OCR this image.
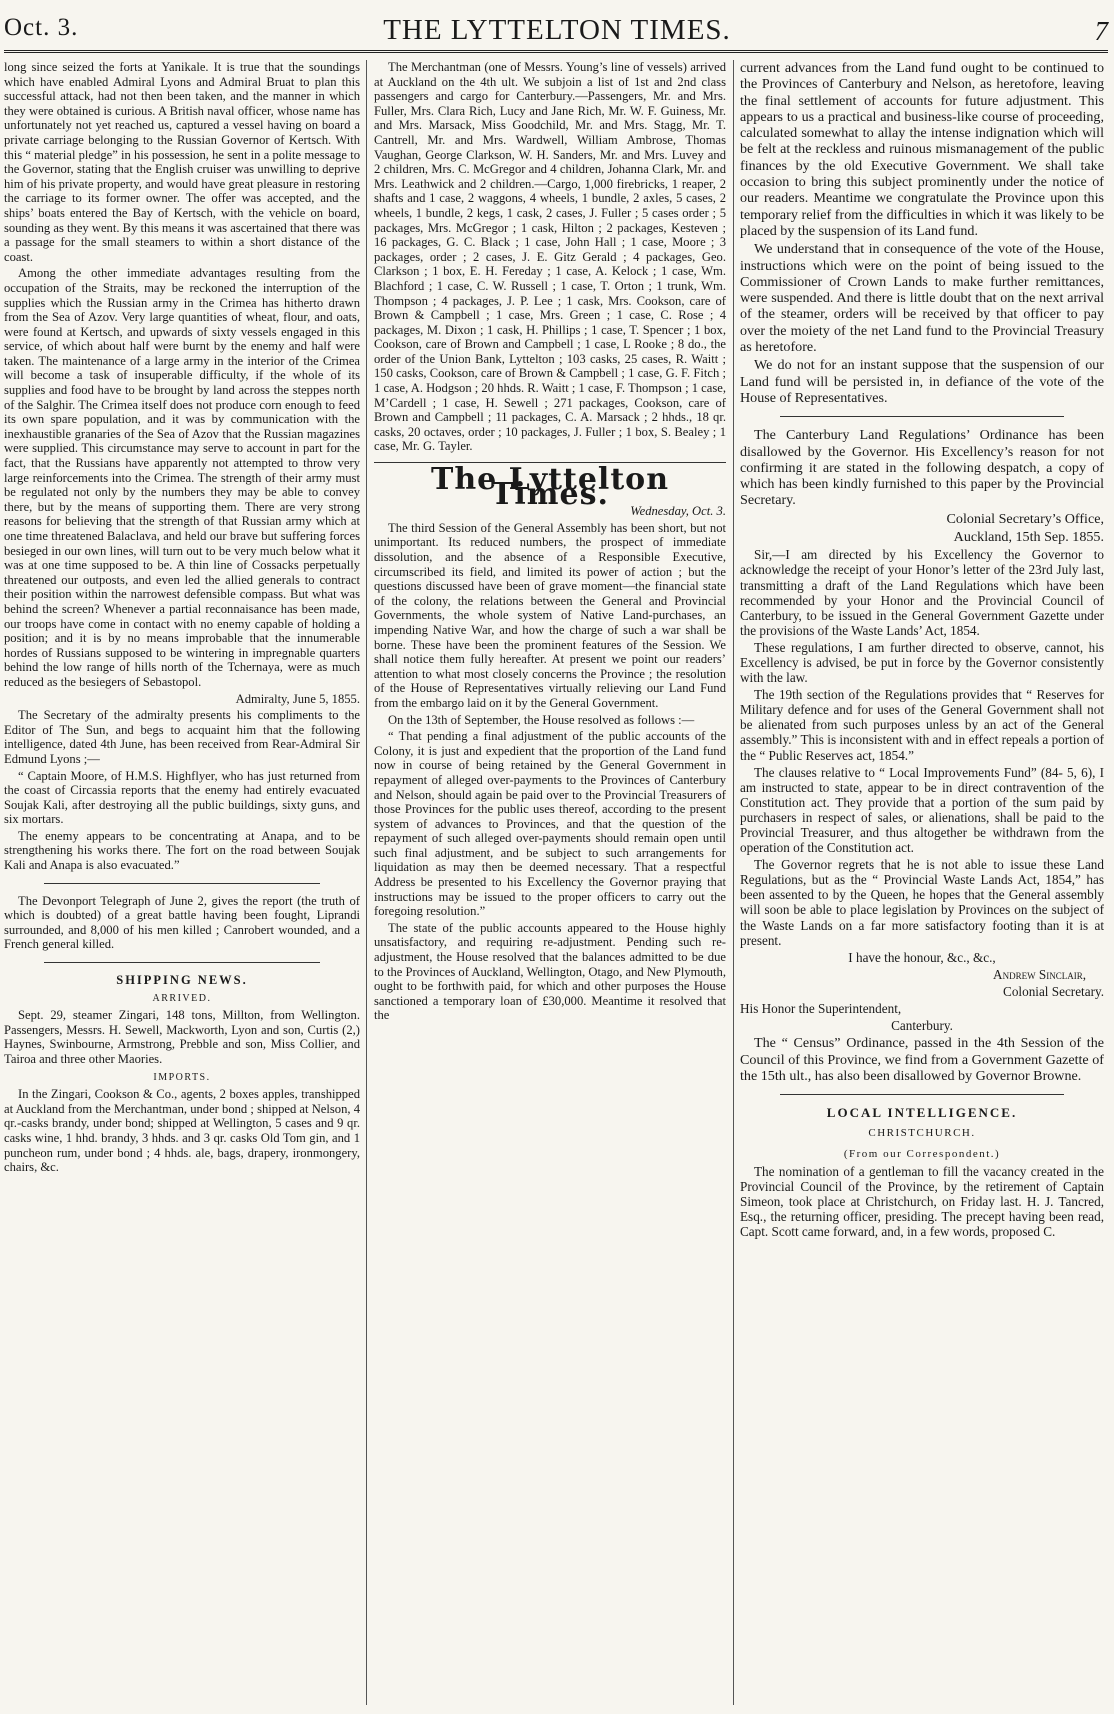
Oct. 3.	THE LYTTELTON TIMES.	7

long since seized the forts at Yanikale. It is true that the soundings which have enabled Admiral Lyons and Admiral Bruat to plan this successful attack, had not then been taken, and the manner in which they were obtained is curious. A British naval officer, whose name has unfortunately not yet reached us, captured a vessel having on board a private carriage belonging to the Russian Governor of Kertsch. With this “ material pledge” in his possession, he sent in a polite message to the Governor, stating that the English cruiser was unwilling to deprive him of his private property, and would have great pleasure in restoring the carriage to its former owner. The offer was accepted, and the ships’ boats entered the Bay of Kertsch, with the vehicle on board, sounding as they went. By this means it was ascertained that there was a passage for the small steamers to within a short distance of the coast.

Among the other immediate advantages resulting from the occupation of the Straits, may be reckoned the interruption of the supplies which the Russian army in the Crimea has hitherto drawn from the Sea of Azov. Very large quantities of wheat, flour, and oats, were found at Kertsch, and upwards of sixty vessels engaged in this service, of which about half were burnt by the enemy and half were taken. The maintenance of a large army in the interior of the Crimea will become a task of insuperable difficulty, if the whole of its supplies and food have to be brought by land across the steppes north of the Salghir. The Crimea itself does not produce corn enough to feed its own spare population, and it was by communication with the inexhaustible granaries of the Sea of Azov that the Russian magazines were supplied. This circumstance may serve to account in part for the fact, that the Russians have apparently not attempted to throw very large reinforcements into the Crimea. The strength of their army must be regulated not only by the numbers they may be able to convey there, but by the means of supporting them. There are very strong reasons for believing that the strength of that Russian army which at one time threatened Balaclava, and held our brave but suffering forces besieged in our own lines, will turn out to be very much below what it was at one time supposed to be. A thin line of Cossacks perpetually threatened our outposts, and even led the allied generals to contract their position within the narrowest defensible compass. But what was behind the screen? Whenever a partial reconnaisance has been made, our troops have come in contact with no enemy capable of holding a position; and it is by no means improbable that the innumerable hordes of Russians supposed to be wintering in impregnable quarters behind the low range of hills north of the Tchernaya, were as much reduced as the besiegers of Sebastopol.

Admiralty, June 5, 1855.

The Secretary of the admiralty presents his compliments to the Editor of The Sun, and begs to acquaint him that the following intelligence, dated 4th June, has been received from Rear-Admiral Sir Edmund Lyons ;—

“ Captain Moore, of H.M.S. Highflyer, who has just returned from the coast of Circassia reports that the enemy had entirely evacuated Soujak Kali, after destroying all the public buildings, sixty guns, and six mortars.

The enemy appears to be concentrating at Anapa, and to be strengthening his works there. The fort on the road between Soujak Kali and Anapa is also evacuated.”

The Devonport Telegraph of June 2, gives the report (the truth of which is doubted) of a great battle having been fought, Liprandi surrounded, and 8,000 of his men killed ; Canrobert wounded, and a French general killed.

SHIPPING NEWS.
ARRIVED.

Sept. 29, steamer Zingari, 148 tons, Millton, from Wellington. Passengers, Messrs. H. Sewell, Mackworth, Lyon and son, Curtis (2,) Haynes, Swinbourne, Armstrong, Prebble and son, Miss Collier, and Tairoa and three other Maories.

IMPORTS.

In the Zingari, Cookson & Co., agents, 2 boxes apples, transhipped at Auckland from the Merchantman, under bond ; shipped at Nelson, 4 qr.-casks brandy, under bond; shipped at Wellington, 5 cases and 9 qr. casks wine, 1 hhd. brandy, 3 hhds. and 3 qr. casks Old Tom gin, and 1 puncheon rum, under bond ; 4 hhds. ale, bags, drapery, ironmongery, chairs, &c.

The Merchantman (one of Messrs. Young’s line of vessels) arrived at Auckland on the 4th ult. We subjoin a list of 1st and 2nd class passengers and cargo for Canterbury.—Passengers, Mr. and Mrs. Fuller, Mrs. Clara Rich, Lucy and Jane Rich, Mr. W. F. Guiness, Mr. and Mrs. Marsack, Miss Goodchild, Mr. and Mrs. Stagg, Mr. T. Cantrell, Mr. and Mrs. Wardwell, William Ambrose, Thomas Vaughan, George Clarkson, W. H. Sanders, Mr. and Mrs. Luvey and 2 children, Mrs. C. McGregor and 4 children, Johanna Clark, Mr. and Mrs. Leathwick and 2 children.—Cargo, 1,000 firebricks, 1 reaper, 2 shafts and 1 case, 2 waggons, 4 wheels, 1 bundle, 2 axles, 5 cases, 2 wheels, 1 bundle, 2 kegs, 1 cask, 2 cases, J. Fuller ; 5 cases order ; 5 packages, Mrs. McGregor ; 1 cask, Hilton ; 2 packages, Kesteven ; 16 packages, G. C. Black ; 1 case, John Hall ; 1 case, Moore ; 3 packages, order ; 2 cases, J. E. Gitz Gerald ; 4 packages, Geo. Clarkson ; 1 box, E. H. Fereday ; 1 case, A. Kelock ; 1 case, Wm. Blachford ; 1 case, C. W. Russell ; 1 case, T. Orton ; 1 trunk, Wm. Thompson ; 4 packages, J. P. Lee ; 1 cask, Mrs. Cookson, care of Brown & Campbell ; 1 case, Mrs. Green ; 1 case, C. Rose ; 4 packages, M. Dixon ; 1 cask, H. Phillips ; 1 case, T. Spencer ; 1 box, Cookson, care of Brown and Campbell ; 1 case, L Rooke ; 8 do., the order of the Union Bank, Lyttelton ; 103 casks, 25 cases, R. Waitt ; 150 casks, Cookson, care of Brown & Campbell ; 1 case, G. F. Fitch ; 1 case, A. Hodgson ; 20 hhds. R. Waitt ; 1 case, F. Thompson ; 1 case, M’Cardell ; 1 case, H. Sewell ; 271 packages, Cookson, care of Brown and Campbell ; 11 packages, C. A. Marsack ; 2 hhds., 18 qr. casks, 20 octaves, order ; 10 packages, J. Fuller ; 1 box, S. Bealey ; 1 case, Mr. G. Tayler.

The Lyttelton Times.	Wednesday, Oct. 3.

The third Session of the General Assembly has been short, but not unimportant. Its reduced numbers, the prospect of immediate dissolution, and the absence of a Responsible Executive, circumscribed its field, and limited its power of action ; but the questions discussed have been of grave moment—the financial state of the colony, the relations between the General and Provincial Governments, the whole system of Native Land-purchases, an impending Native War, and how the charge of such a war shall be borne. These have been the prominent features of the Session. We shall notice them fully hereafter. At present we point our readers’ attention to what most closely concerns the Province ; the resolution of the House of Representatives virtually relieving our Land Fund from the embargo laid on it by the General Government.

On the 13th of September, the House resolved as follows :—

“ That pending a final adjustment of the public accounts of the Colony, it is just and expedient that the proportion of the Land fund now in course of being retained by the General Government in repayment of alleged over-payments to the Provinces of Canterbury and Nelson, should again be paid over to the Provincial Treasurers of those Provinces for the public uses thereof, according to the present system of advances to Provinces, and that the question of the repayment of such alleged over-payments should remain open until such final adjustment, and be subject to such arrangements for liquidation as may then be deemed necessary. That a respectful Address be presented to his Excellency the Governor praying that instructions may be issued to the proper officers to carry out the foregoing resolution.”

The state of the public accounts appeared to the House highly unsatisfactory, and requiring re-adjustment. Pending such re-adjustment, the House resolved that the balances admitted to be due to the Provinces of Auckland, Wellington, Otago, and New Plymouth, ought to be forthwith paid, for which and other purposes the House sanctioned a temporary loan of £30,000. Meantime it resolved that the

current advances from the Land fund ought to be continued to the Provinces of Canterbury and Nelson, as heretofore, leaving the final settlement of accounts for future adjustment. This appears to us a practical and business-like course of proceeding, calculated somewhat to allay the intense indignation which will be felt at the reckless and ruinous mismanagement of the public finances by the old Executive Government. We shall take occasion to bring this subject prominently under the notice of our readers. Meantime we congratulate the Province upon this temporary relief from the difficulties in which it was likely to be placed by the suspension of its Land fund.

We understand that in consequence of the vote of the House, instructions which were on the point of being issued to the Commissioner of Crown Lands to make further remittances, were suspended. And there is little doubt that on the next arrival of the steamer, orders will be received by that officer to pay over the moiety of the net Land fund to the Provincial Treasury as heretofore.

We do not for an instant suppose that the suspension of our Land fund will be persisted in, in defiance of the vote of the House of Representatives.

The Canterbury Land Regulations’ Ordinance has been disallowed by the Governor. His Excellency’s reason for not confirming it are stated in the following despatch, a copy of which has been kindly furnished to this paper by the Provincial Secretary.

Colonial Secretary’s Office,

Auckland, 15th Sep. 1855.

Sir,—I am directed by his Excellency the Governor to acknowledge the receipt of your Honor’s letter of the 23rd July last, transmitting a draft of the Land Regulations which have been recommended by your Honor and the Provincial Council of Canterbury, to be issued in the General Government Gazette under the provisions of the Waste Lands’ Act, 1854.

These regulations, I am further directed to observe, cannot, his Excellency is advised, be put in force by the Governor consistently with the law.

The 19th section of the Regulations provides that “ Reserves for Military defence and for uses of the General Government shall not be alienated from such purposes unless by an act of the General assembly.” This is inconsistent with and in effect repeals a portion of the “ Public Reserves act, 1854.”

The clauses relative to “ Local Improvements Fund” (84- 5, 6), I am instructed to state, appear to be in direct contravention of the Constitution act. They provide that a portion of the sum paid by purchasers in respect of sales, or alienations, shall be paid to the Provincial Treasurer, and thus altogether be withdrawn from the operation of the Constitution act.

The Governor regrets that he is not able to issue these Land Regulations, but as the “ Provincial Waste Lands Act, 1854,” has been assented to by the Queen, he hopes that the General assembly will soon be able to place legislation by Provinces on the subject of the Waste Lands on a far more satisfactory footing than it is at present.

I have the honour, &c., &c.,

Andrew Sinclair,

Colonial Secretary.

His Honor the Superintendent,

Canterbury.

The “ Census” Ordinance, passed in the 4th Session of the Council of this Province, we find from a Government Gazette of the 15th ult., has also been disallowed by Governor Browne.

LOCAL INTELLIGENCE.
CHRISTCHURCH.
(From our Correspondent.)

The nomination of a gentleman to fill the vacancy created in the Provincial Council of the Province, by the retirement of Captain Simeon, took place at Christchurch, on Friday last. H. J. Tancred, Esq., the returning officer, presiding. The precept having been read, Capt. Scott came forward, and, in a few words, proposed C.
